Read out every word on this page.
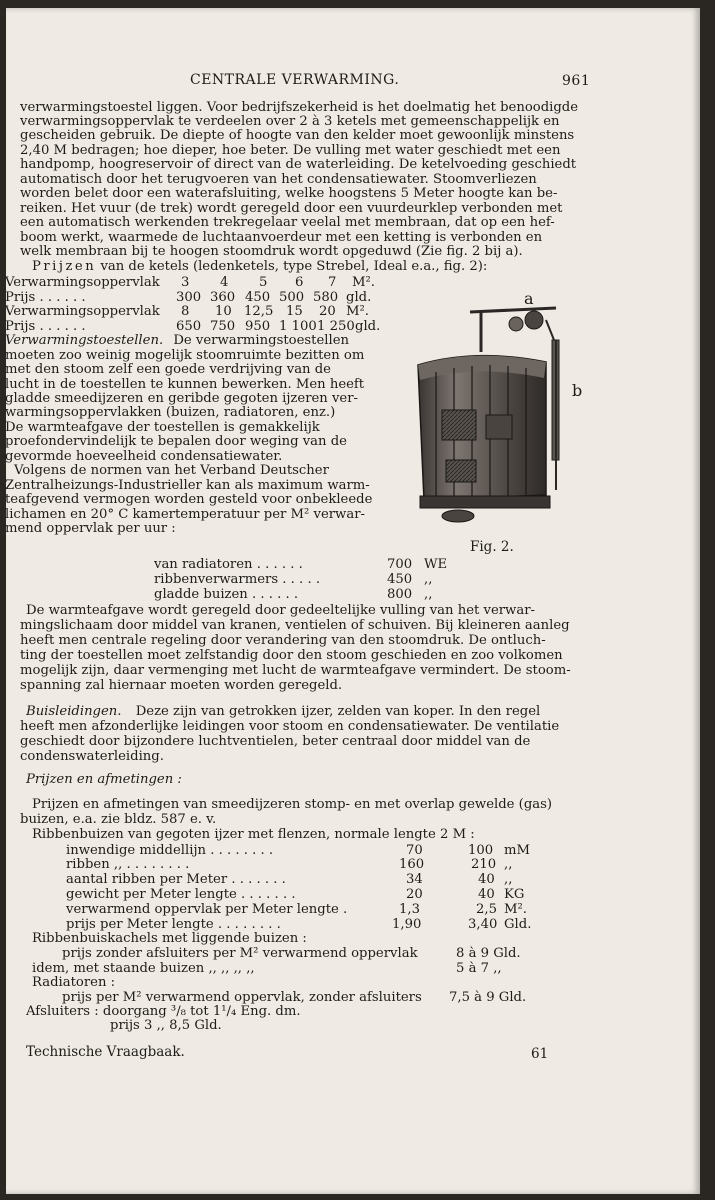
CENTRALE VERWARMING.	961
verwarmingstoestel liggen. Voor bedrijfszekerheid is het doelmatig het benoodigde
verwarmingsoppervlak te verdeelen over 2 à 3 ketels met gemeenschappelijk en
gescheiden gebruik. De diepte of hoogte van den kelder moet gewoonlijk minstens
2,40 M bedragen; hoe dieper, hoe beter. De vulling met water geschiedt met een
handpomp, hoogreservoir of direct van de waterleiding. De ketelvoeding geschiedt
automatisch door het terugvoeren van het condensatiewater. Stoomverliezen
worden belet door een waterafsluiting, welke hoogstens 5 Meter hoogte kan be-
reiken. Het vuur (de trek) wordt geregeld door een vuurdeurklep verbonden met
een automatisch werkenden trekregelaar veelal met membraan, dat op een hef-
boom werkt, waarmede de luchtaanvoerdeur met een ketting is verbonden en
welk membraan bij te hoogen stoomdruk wordt opgeduwd (Zie fig. 2 bij a).
Prijzen van de ketels (ledenketels, type Strebel, Ideal e.a., fig. 2):
Verwarmingsoppervlak 3 4 5 6 7 M².
Prijs . . . . . .	300 360 450 500 580 gld.
Verwarmingsoppervlak 8 10 12,5 15 20 M².
Prijs . . . . . .	650 750 950 1 100 1 250 gld.
Verwarmingstoestellen. De verwarmingstoestellen
moeten zoo weinig mogelijk stoomruimte bezitten om
met den stoom zelf een goede verdrijving van de
lucht in de toestellen te kunnen bewerken. Men heeft
gladde smeedijzeren en geribde gegoten ijzeren ver-
warmingsoppervlakken (buizen, radiatoren, enz.)
De warmteafgave der toestellen is gemakkelijk
proefondervindelijk te bepalen door weging van de
gevormde hoeveelheid condensatiewater.
Volgens de normen van het Verband Deutscher
Zentralheizungs-Industrieller kan als maximum warm-
teafgevend vermogen worden gesteld voor onbekleede
lichamen en 20° C kamertemperatuur per M² verwar-
mend oppervlak per uur :
a
b
Fig. 2.
van radiatoren . . . . . .	700 WE
ribbenverwarmers . . . . .	450 ,,
gladde buizen . . . . . .	800 ,,
De warmteafgave wordt geregeld door gedeeltelijke vulling van het verwar-
mingslichaam door middel van kranen, ventielen of schuiven. Bij kleineren aanleg
heeft men centrale regeling door verandering van den stoomdruk. De ontluch-
ting der toestellen moet zelfstandig door den stoom geschieden en zoo volkomen
mogelijk zijn, daar vermenging met lucht de warmteafgave vermindert. De stoom-
spanning zal hiernaar moeten worden geregeld.
Buisleidingen. Deze zijn van getrokken ijzer, zelden van koper. In den regel
heeft men afzonderlijke leidingen voor stoom en condensatiewater. De ventilatie
geschiedt door bijzondere luchtventielen, beter centraal door middel van de
condenswaterleiding.
Prijzen en afmetingen :
Prijzen en afmetingen van smeedijzeren stomp- en met overlap gewelde (gas)
buizen, e.a. zie bldz. 587 e. v.
Ribbenbuizen van gegoten ijzer met flenzen, normale lengte 2 M :
inwendige middellijn . . . . . . . .	70	100 mM
ribben ,, . . . . . . . .	160	210 ,,
aantal ribben per Meter . . . . . . .	34	40 ,,
gewicht per Meter lengte . . . . . . .	20	40 KG
verwarmend oppervlak per Meter lengte .	1,3	2,5 M².
prijs per Meter lengte . . . . . . . .	1,90	3,40 Gld.
Ribbenbuiskachels met liggende buizen :
prijs zonder afsluiters per M² verwarmend oppervlak	8 à 9 Gld.
idem, met staande buizen ,, ,, ,, ,,	5 à 7 ,,
Radiatoren :
prijs per M² verwarmend oppervlak, zonder afsluiters 7,5 à 9 Gld.
Afsluiters : doorgang ³/₈ tot 1¹/₄ Eng. dm.
prijs 3 ,, 8,5 Gld.
Technische Vraagbaak.	61
